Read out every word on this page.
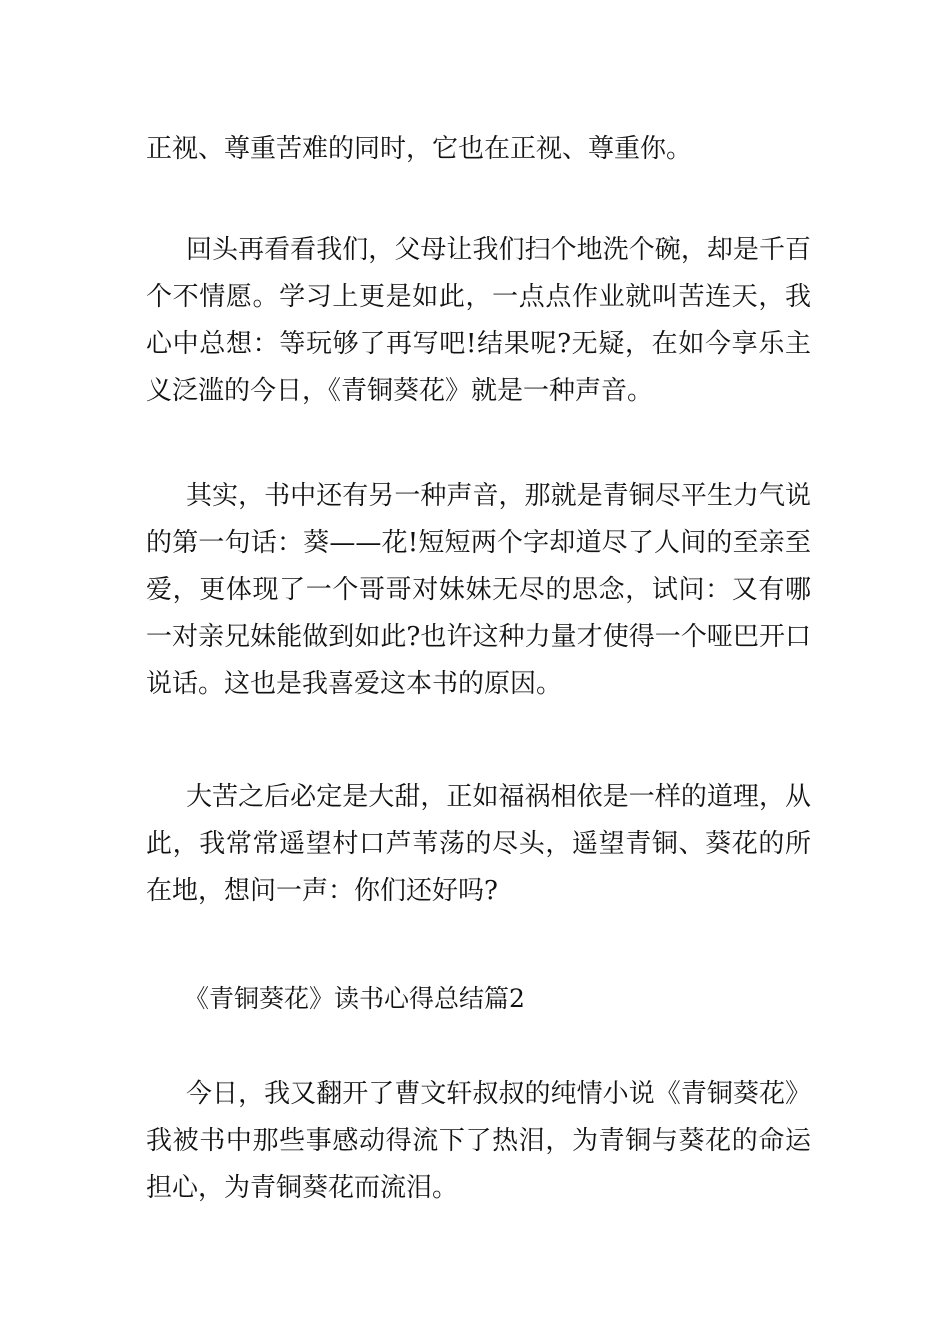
正视、尊重苦难的同时，它也在正视、尊重你。

回头再看看我们，父母让我们扫个地洗个碗，却是千百个不情愿。学习上更是如此，一点点作业就叫苦连天，我心中总想：等玩够了再写吧!结果呢?无疑，在如今享乐主义泛滥的今日，《青铜葵花》就是一种声音。

其实，书中还有另一种声音，那就是青铜尽平生力气说的第一句话：葵——花!短短两个字却道尽了人间的至亲至爱，更体现了一个哥哥对妹妹无尽的思念，试问：又有哪一对亲兄妹能做到如此?也许这种力量才使得一个哑巴开口说话。这也是我喜爱这本书的原因。

大苦之后必定是大甜，正如福祸相依是一样的道理，从此，我常常遥望村口芦苇荡的尽头，遥望青铜、葵花的所在地，想问一声：你们还好吗?

《青铜葵花》读书心得总结篇2

今日，我又翻开了曹文轩叔叔的纯情小说《青铜葵花》我被书中那些事感动得流下了热泪，为青铜与葵花的命运担心，为青铜葵花而流泪。
